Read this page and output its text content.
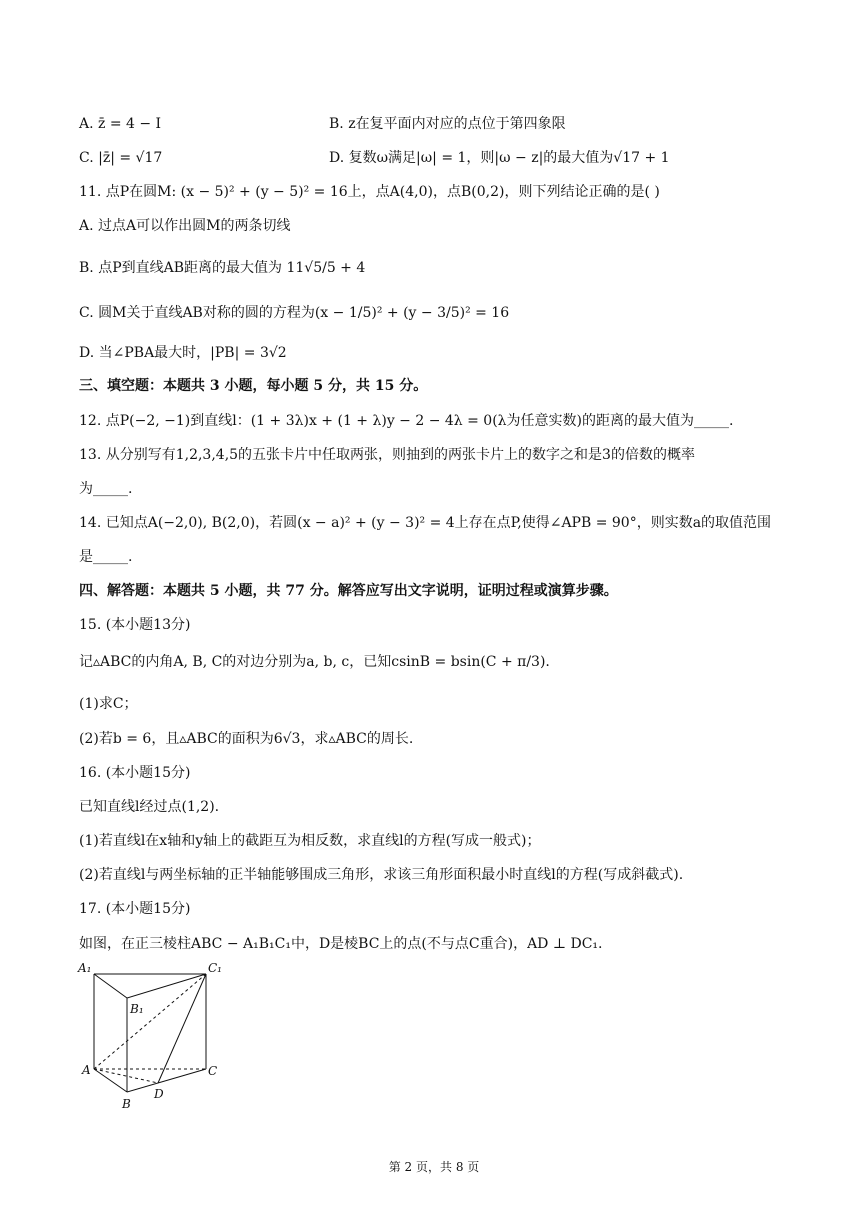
A. z̄ = 4 − I	B. z在复平面内对应的点位于第四象限
C. |z̄| = √17	D. 复数ω满足|ω| = 1，则|ω − z|的最大值为√17 + 1
11. 点P在圆M: (x − 5)² + (y − 5)² = 16上，点A(4,0)，点B(0,2)，则下列结论正确的是( )
A. 过点A可以作出圆M的两条切线
B. 点P到直线AB距离的最大值为 11√5/5 + 4
C. 圆M关于直线AB对称的圆的方程为(x − 1/5)² + (y − 3/5)² = 16
D. 当∠PBA最大时，|PB| = 3√2
三、填空题：本题共 3 小题，每小题 5 分，共 15 分。
12. 点P(−2, −1)到直线l：(1 + 3λ)x + (1 + λ)y − 2 − 4λ = 0(λ为任意实数)的距离的最大值为_____.
13. 从分别写有1,2,3,4,5的五张卡片中任取两张，则抽到的两张卡片上的数字之和是3的倍数的概率
为_____.
14. 已知点A(−2,0), B(2,0)，若圆(x − a)² + (y − 3)² = 4上存在点P,使得∠APB = 90°，则实数a的取值范围
是_____.
四、解答题：本题共 5 小题，共 77 分。解答应写出文字说明，证明过程或演算步骤。
15. (本小题13分)
记▵ABC的内角A, B, C的对边分别为a, b, c，已知csinB = bsin(C + π/3).
(1)求C；
(2)若b = 6，且▵ABC的面积为6√3，求▵ABC的周长.
16. (本小题15分)
已知直线l经过点(1,2).
(1)若直线l在x轴和y轴上的截距互为相反数，求直线l的方程(写成一般式)；
(2)若直线l与两坐标轴的正半轴能够围成三角形，求该三角形面积最小时直线l的方程(写成斜截式).
17. (本小题15分)
如图，在正三棱柱ABC − A₁B₁C₁中，D是棱BC上的点(不与点C重合)，AD ⊥ DC₁.
A₁	C₁
B₁
A	C
B
D
第 2 页，共 8 页
